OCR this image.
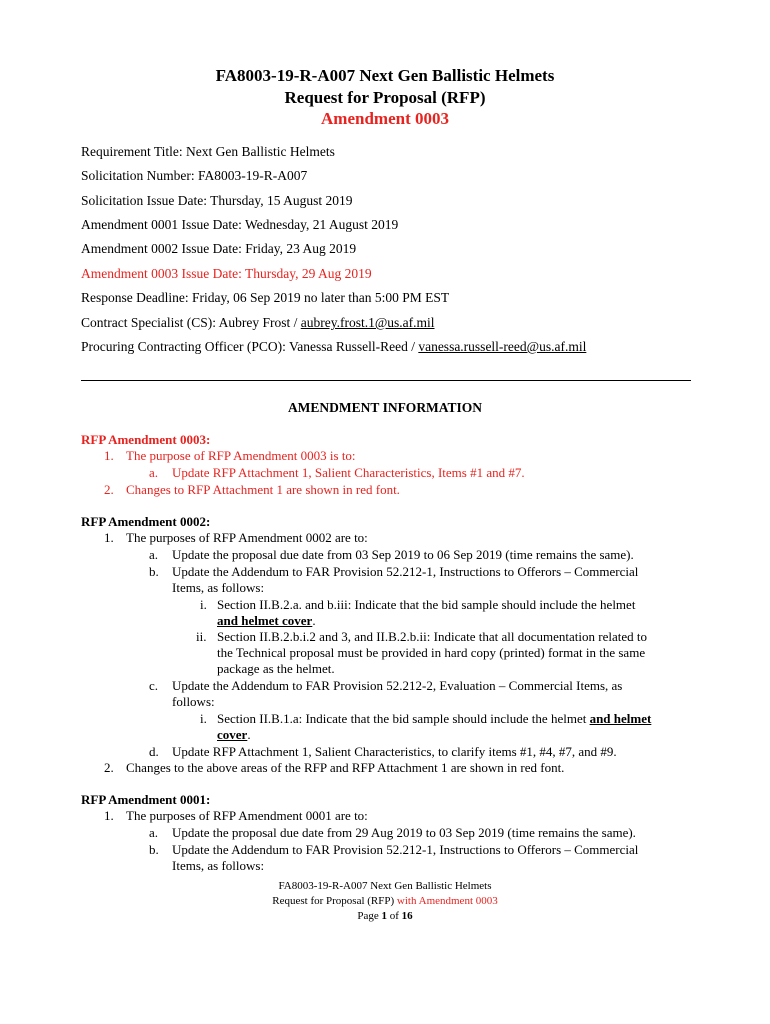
FA8003-19-R-A007 Next Gen Ballistic Helmets
Request for Proposal (RFP)
Amendment 0003
Requirement Title: Next Gen Ballistic Helmets
Solicitation Number: FA8003-19-R-A007
Solicitation Issue Date: Thursday, 15 August 2019
Amendment 0001 Issue Date: Wednesday, 21 August 2019
Amendment 0002 Issue Date: Friday, 23 Aug 2019
Amendment 0003 Issue Date: Thursday, 29 Aug 2019
Response Deadline: Friday, 06 Sep 2019 no later than 5:00 PM EST
Contract Specialist (CS): Aubrey Frost / aubrey.frost.1@us.af.mil
Procuring Contracting Officer (PCO): Vanessa Russell-Reed / vanessa.russell-reed@us.af.mil
AMENDMENT INFORMATION
RFP Amendment 0003:
1. The purpose of RFP Amendment 0003 is to:
a. Update RFP Attachment 1, Salient Characteristics, Items #1 and #7.
2. Changes to RFP Attachment 1 are shown in red font.
RFP Amendment 0002:
1. The purposes of RFP Amendment 0002 are to:
a. Update the proposal due date from 03 Sep 2019 to 06 Sep 2019 (time remains the same).
b. Update the Addendum to FAR Provision 52.212-1, Instructions to Offerors – Commercial
Items, as follows:
i. Section II.B.2.a. and b.iii: Indicate that the bid sample should include the helmet
and helmet cover.
ii. Section II.B.2.b.i.2 and 3, and II.B.2.b.ii: Indicate that all documentation related to
the Technical proposal must be provided in hard copy (printed) format in the same
package as the helmet.
c. Update the Addendum to FAR Provision 52.212-2, Evaluation – Commercial Items, as
follows:
i. Section II.B.1.a: Indicate that the bid sample should include the helmet and helmet
cover.
d. Update RFP Attachment 1, Salient Characteristics, to clarify items #1, #4, #7, and #9.
2. Changes to the above areas of the RFP and RFP Attachment 1 are shown in red font.
RFP Amendment 0001:
1. The purposes of RFP Amendment 0001 are to:
a. Update the proposal due date from 29 Aug 2019 to 03 Sep 2019 (time remains the same).
b. Update the Addendum to FAR Provision 52.212-1, Instructions to Offerors – Commercial
Items, as follows:
FA8003-19-R-A007 Next Gen Ballistic Helmets
Request for Proposal (RFP) with Amendment 0003
Page 1 of 16
